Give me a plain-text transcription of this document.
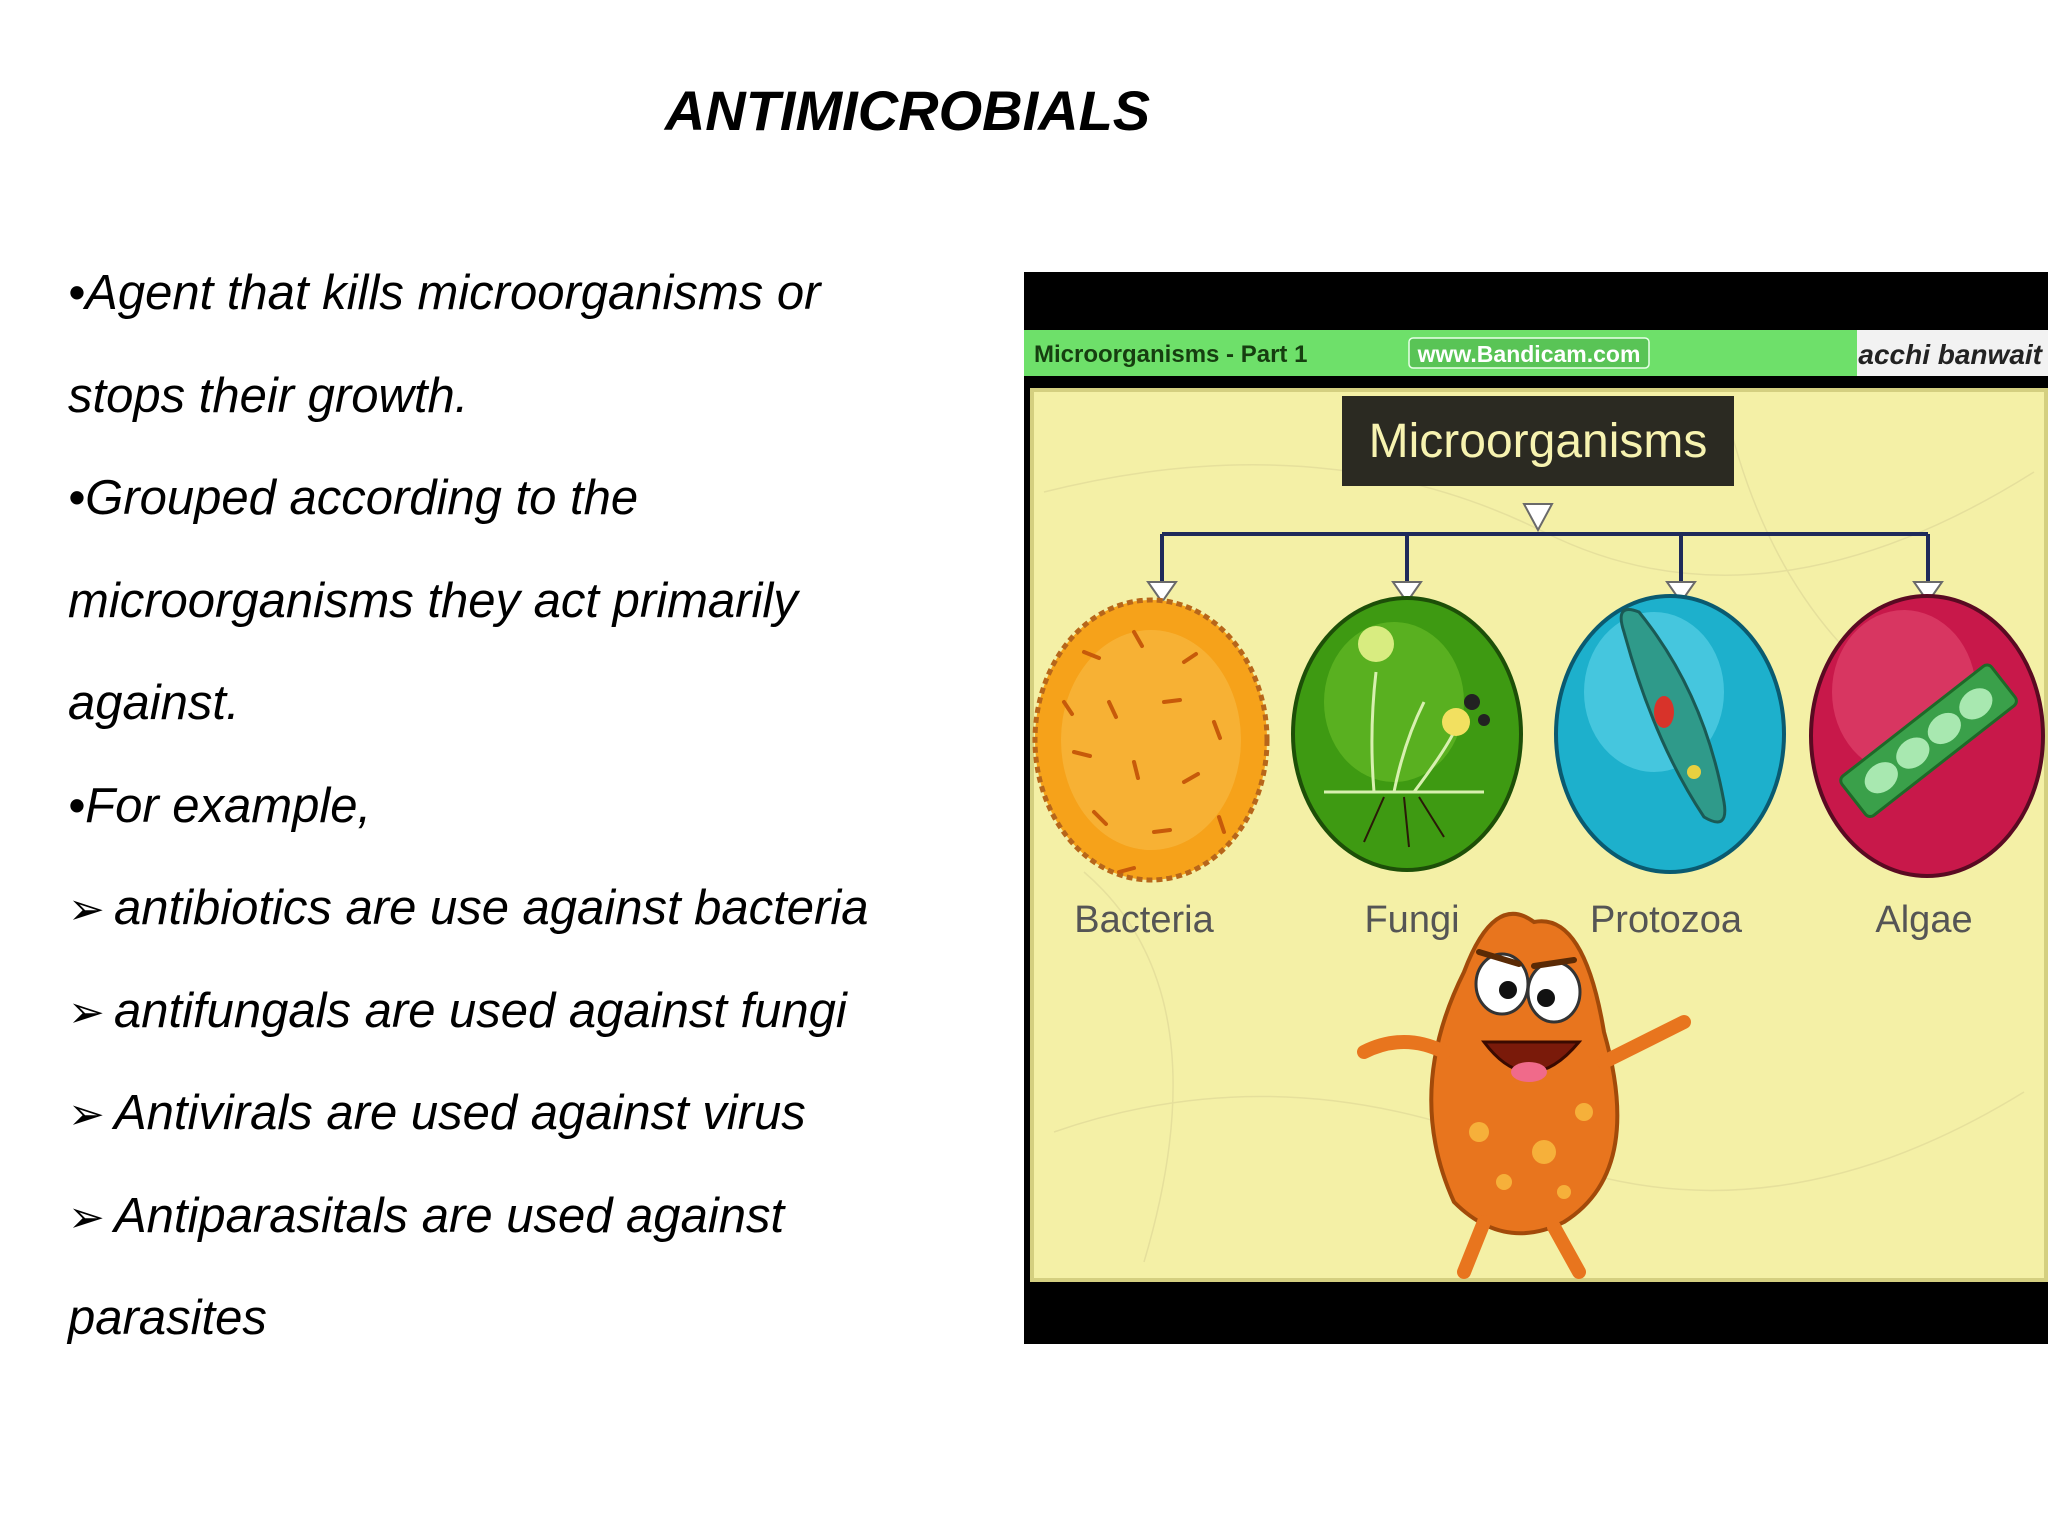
ANTIMICROBIALS
•Agent that kills microorganisms or
stops their growth.
•Grouped according to the
microorganisms they act primarily
against.
•For example,
➢ antibiotics are use against bacteria
➢ antifungals are used against fungi
➢ Antivirals are used against virus
➢ Antiparasitals are used against
parasites
Microorganisms - Part 1	www.Bandicam.com	acchi banwait
Microorganisms
Bacteria	Fungi	Protozoa	Algae
